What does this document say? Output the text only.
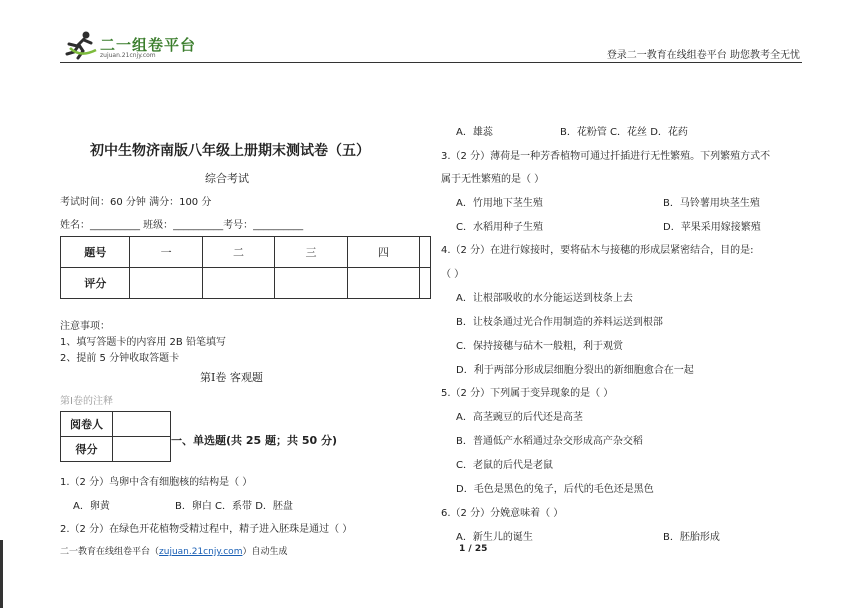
二一组卷平台
zujuan.21cnjy.com	登录二一教育在线组卷平台 助您教考全无忧
初中生物济南版八年级上册期末测试卷（五）
综合考试
考试时间：60 分钟 满分：100 分
姓名：__________ 班级：__________考号：__________
题号	一	二	三	四	
评分					
注意事项：
1、填写答题卡的内容用 2B 铅笔填写
2、提前 5 分钟收取答题卡
第Ⅰ卷 客观题
第Ⅰ卷的注释
阅卷人	
得分	
一、单选题(共 25 题；共 50 分)
1.（2 分）鸟卵中含有细胞核的结构是（ ）
A．卵黄	B．卵白 C．系带 D．胚盘
2.（2 分）在绿色开花植物受精过程中，精子进入胚珠是通过（ ）
A．雄蕊	B．花粉管 C．花丝 D．花药
3.（2 分）薄荷是一种芳香植物可通过扦插进行无性繁殖。下列繁殖方式不
属于无性繁殖的是（ ）
A．竹用地下茎生殖	B．马铃薯用块茎生殖
C．水稻用种子生殖	D．苹果采用嫁接繁殖
4.（2 分）在进行嫁接时，要将砧木与接穗的形成层紧密结合，目的是:
（ ）
A．让根部吸收的水分能运送到枝条上去
B．让枝条通过光合作用制造的养料运送到根部
C．保持接穗与砧木一般粗，利于观赏
D．利于两部分形成层细胞分裂出的新细胞愈合在一起
5.（2 分）下列属于变异现象的是（ ）
A．高茎豌豆的后代还是高茎
B．普通低产水稻通过杂交形成高产杂交稻
C．老鼠的后代是老鼠
D．毛色是黑色的兔子，后代的毛色还是黑色
6.（2 分）分娩意味着（ ）
A．新生儿的诞生	B．胚胎形成
二一教育在线组卷平台（zujuan.21cnjy.com）自动生成	1 / 25
